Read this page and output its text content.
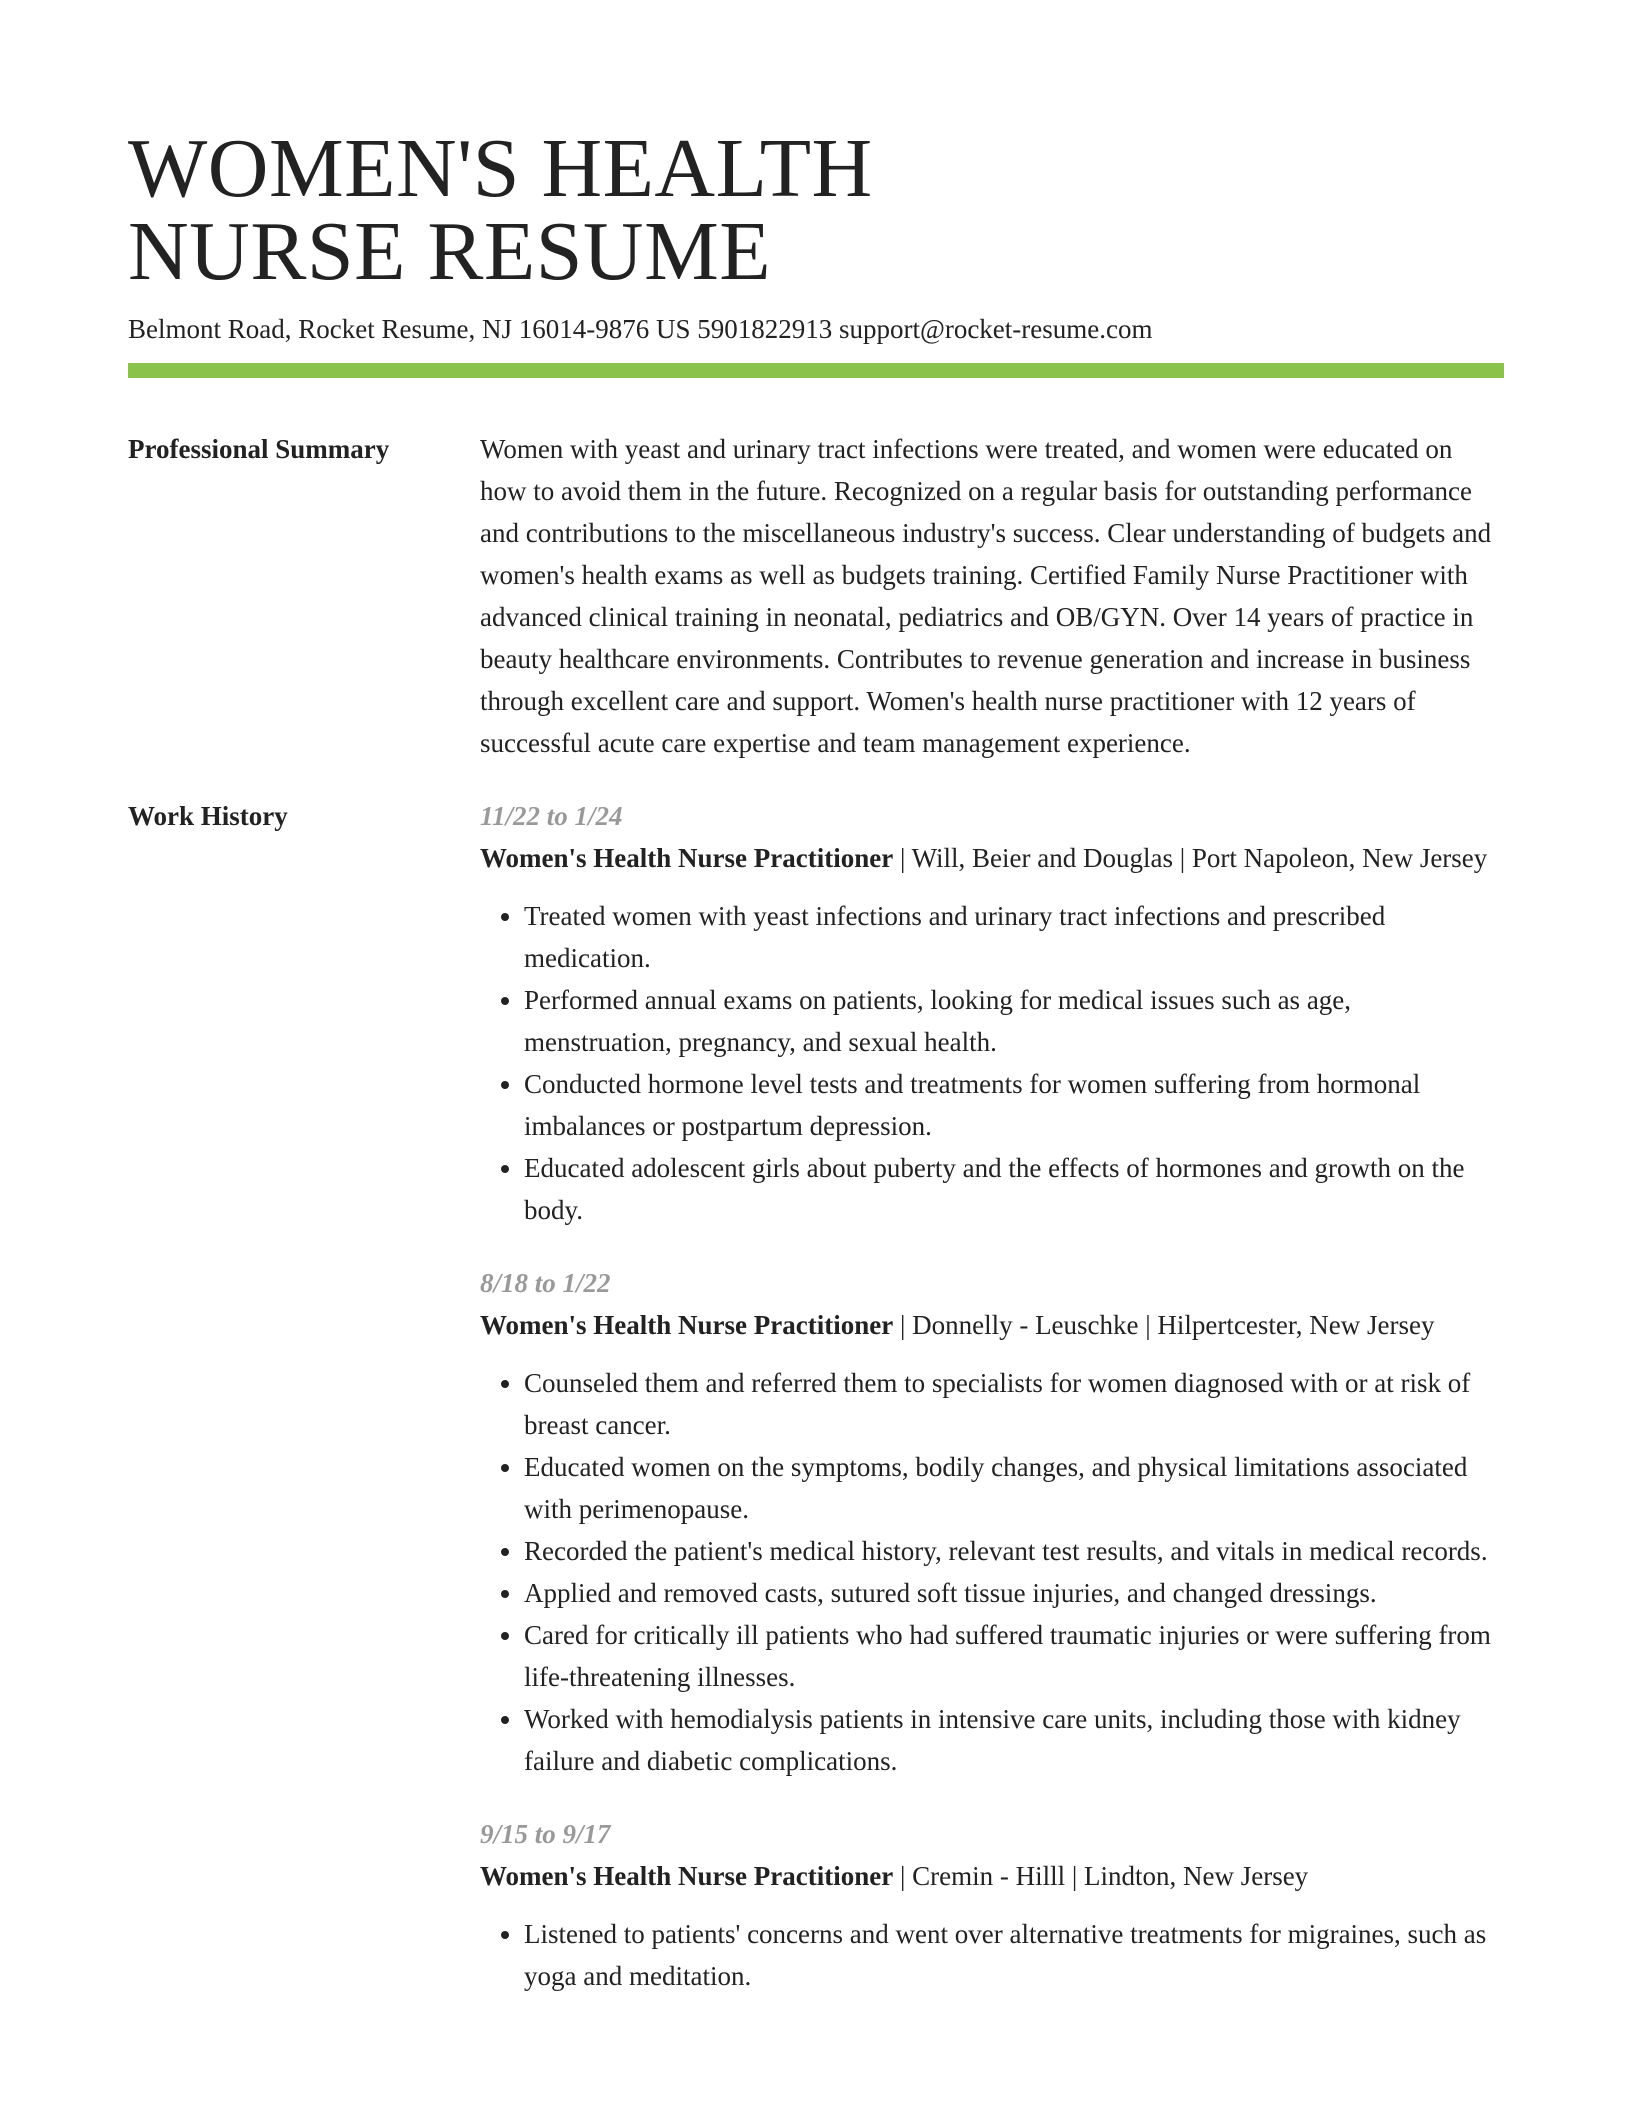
WOMEN'S HEALTH
NURSE RESUME
Belmont Road, Rocket Resume, NJ 16014-9876 US 5901822913 support@rocket-resume.com
Professional Summary	Women with yeast and urinary tract infections were treated, and women were educated on how to avoid them in the future. Recognized on a regular basis for outstanding performance and contributions to the miscellaneous industry's success. Clear understanding of budgets and women's health exams as well as budgets training. Certified Family Nurse Practitioner with advanced clinical training in neonatal, pediatrics and OB/GYN. Over 14 years of practice in beauty healthcare environments. Contributes to revenue generation and increase in business through excellent care and support. Women's health nurse practitioner with 12 years of successful acute care expertise and team management experience.

Work History	11/22 to 1/24
Women's Health Nurse Practitioner | Will, Beier and Douglas | Port Napoleon, New Jersey
• Treated women with yeast infections and urinary tract infections and prescribed medication.
• Performed annual exams on patients, looking for medical issues such as age, menstruation, pregnancy, and sexual health.
• Conducted hormone level tests and treatments for women suffering from hormonal imbalances or postpartum depression.
• Educated adolescent girls about puberty and the effects of hormones and growth on the body.
8/18 to 1/22
Women's Health Nurse Practitioner | Donnelly - Leuschke | Hilpertcester, New Jersey
• Counseled them and referred them to specialists for women diagnosed with or at risk of breast cancer.
• Educated women on the symptoms, bodily changes, and physical limitations associated with perimenopause.
• Recorded the patient's medical history, relevant test results, and vitals in medical records.
• Applied and removed casts, sutured soft tissue injuries, and changed dressings.
• Cared for critically ill patients who had suffered traumatic injuries or were suffering from life-threatening illnesses.
• Worked with hemodialysis patients in intensive care units, including those with kidney failure and diabetic complications.
9/15 to 9/17
Women's Health Nurse Practitioner | Cremin - Hilll | Lindton, New Jersey
• Listened to patients' concerns and went over alternative treatments for migraines, such as yoga and meditation.
